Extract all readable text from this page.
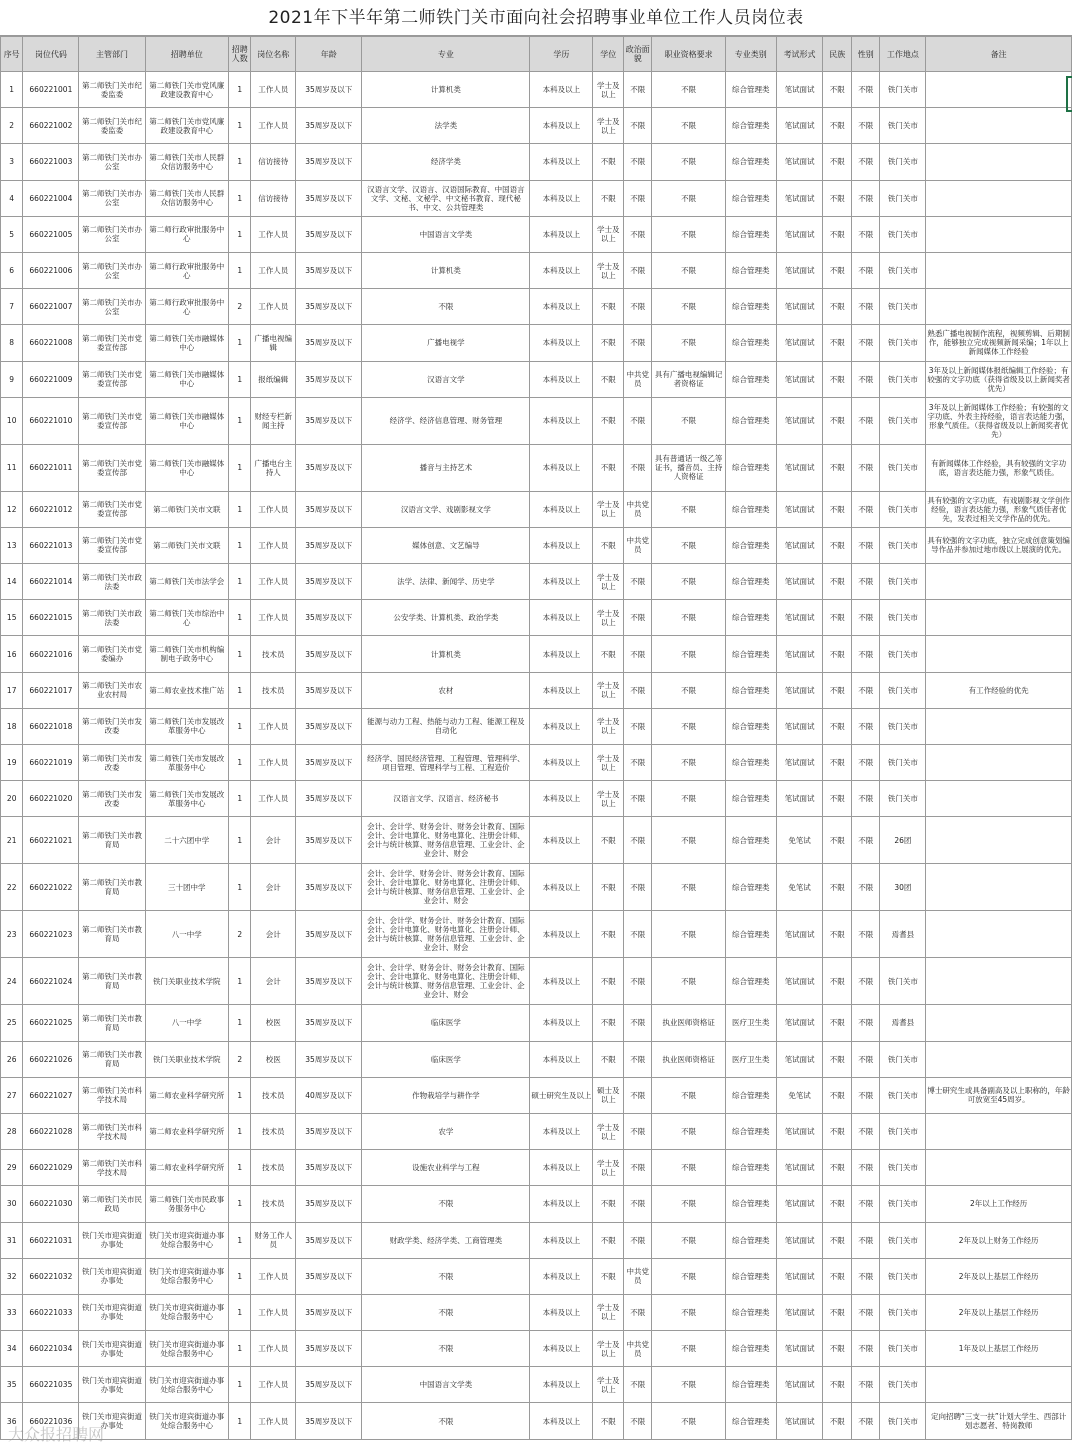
2021年下半年第二师铁门关市面向社会招聘事业单位工作人员岗位表
序号	岗位代码	主管部门	招聘单位	招聘人数	岗位名称	年龄	专业	学历	学位	政治面貌	职业资格要求	专业类别	考试形式	民族	性别	工作地点	备注
1	660221001	第二师铁门关市纪委监委	第二师铁门关市党风廉政建设教育中心	1	工作人员	35周岁及以下	计算机类	本科及以上	学士及以上	不限	不限	综合管理类	笔试面试	不限	不限	铁门关市	
2	660221002	第二师铁门关市纪委监委	第二师铁门关市党风廉政建设教育中心	1	工作人员	35周岁及以下	法学类	本科及以上	学士及以上	不限	不限	综合管理类	笔试面试	不限	不限	铁门关市	
3	660221003	第二师铁门关市办公室	第二师铁门关市人民群众信访服务中心	1	信访接待	35周岁及以下	经济学类	本科及以上	不限	不限	不限	综合管理类	笔试面试	不限	不限	铁门关市	
4	660221004	第二师铁门关市办公室	第二师铁门关市人民群众信访服务中心	1	信访接待	35周岁及以下	汉语言文学、汉语言、汉语国际教育、中国语言文学、文秘、文秘学、中文秘书教育、现代秘书、中文、公共管理类	本科及以上	不限	不限	不限	综合管理类	笔试面试	不限	不限	铁门关市	
5	660221005	第二师铁门关市办公室	第二师行政审批服务中心	1	工作人员	35周岁及以下	中国语言文学类	本科及以上	学士及以上	不限	不限	综合管理类	笔试面试	不限	不限	铁门关市	
6	660221006	第二师铁门关市办公室	第二师行政审批服务中心	1	工作人员	35周岁及以下	计算机类	本科及以上	学士及以上	不限	不限	综合管理类	笔试面试	不限	不限	铁门关市	
7	660221007	第二师铁门关市办公室	第二师行政审批服务中心	2	工作人员	35周岁及以下	不限	本科及以上	不限	不限	不限	综合管理类	笔试面试	不限	不限	铁门关市	
8	660221008	第二师铁门关市党委宣传部	第二师铁门关市融媒体中心	1	广播电视编辑	35周岁及以下	广播电视学	本科及以上	不限	不限	不限	综合管理类	笔试面试	不限	不限	铁门关市	熟悉广播电视制作流程，视频剪辑、后期制作，能够独立完成视频新闻采编；1年以上新闻媒体工作经验
9	660221009	第二师铁门关市党委宣传部	第二师铁门关市融媒体中心	1	报纸编辑	35周岁及以下	汉语言文学	本科及以上	不限	中共党员	具有广播电视编辑记者资格证	综合管理类	笔试面试	不限	不限	铁门关市	3年及以上新闻媒体报纸编辑工作经验；有较强的文字功底（获得省级及以上新闻奖者优先）
10	660221010	第二师铁门关市党委宣传部	第二师铁门关市融媒体中心	1	财经专栏新闻主持	35周岁及以下	经济学、经济信息管理、财务管理	本科及以上	不限	不限	不限	综合管理类	笔试面试	不限	不限	铁门关市	3年及以上新闻媒体工作经验；有较强的文字功底、外表主持经验，语言表达能力强，形象气质佳。（获得省级及以上新闻奖者优先）
11	660221011	第二师铁门关市党委宣传部	第二师铁门关市融媒体中心	1	广播电台主持人	35周岁及以下	播音与主持艺术	本科及以上	不限	不限	具有普通话一级乙等证书，播音员、主持人资格证	综合管理类	笔试面试	不限	不限	铁门关市	有新闻媒体工作经验，具有较强的文字功底，语言表达能力强，形象气质佳。
12	660221012	第二师铁门关市党委宣传部	第二师铁门关市文联	1	工作人员	35周岁及以下	汉语言文学、戏剧影视文学	本科及以上	学士及以上	中共党员	不限	综合管理类	笔试面试	不限	不限	铁门关市	具有较强的文字功底，有戏剧影视文学创作经验，语言表达能力强，形象气质佳者优先，发表过相关文学作品的优先。
13	660221013	第二师铁门关市党委宣传部	第二师铁门关市文联	1	工作人员	35周岁及以下	媒体创意、文艺编导	本科及以上	不限	中共党员	不限	综合管理类	笔试面试	不限	不限	铁门关市	具有较强的文字功底，独立完成创意策划编导作品并参加过地市级以上展演的优先。
14	660221014	第二师铁门关市政法委	第二师铁门关市法学会	1	工作人员	35周岁及以下	法学、法律、新闻学、历史学	本科及以上	学士及以上	不限	不限	综合管理类	笔试面试	不限	不限	铁门关市	
15	660221015	第二师铁门关市政法委	第二师铁门关市综治中心	1	工作人员	35周岁及以下	公安学类、计算机类、政治学类	本科及以上	学士及以上	不限	不限	综合管理类	笔试面试	不限	不限	铁门关市	
16	660221016	第二师铁门关市党委编办	第二师铁门关市机构编制电子政务中心	1	技术员	35周岁及以下	计算机类	本科及以上	不限	不限	不限	综合管理类	笔试面试	不限	不限	铁门关市	
17	660221017	第二师铁门关市农业农村局	第二师农业技术推广站	1	技术员	35周岁及以下	农材	本科及以上	学士及以上	不限	不限	综合管理类	笔试面试	不限	不限	铁门关市	有工作经验的优先
18	660221018	第二师铁门关市发改委	第二师铁门关市发展改革服务中心	1	工作人员	35周岁及以下	能源与动力工程、热能与动力工程、能源工程及自动化	本科及以上	学士及以上	不限	不限	综合管理类	笔试面试	不限	不限	铁门关市	
19	660221019	第二师铁门关市发改委	第二师铁门关市发展改革服务中心	1	工作人员	35周岁及以下	经济学、国民经济管理、工程管理、管理科学、项目管理、管理科学与工程、工程造价	本科及以上	学士及以上	不限	不限	综合管理类	笔试面试	不限	不限	铁门关市	
20	660221020	第二师铁门关市发改委	第二师铁门关市发展改革服务中心	1	工作人员	35周岁及以下	汉语言文学、汉语言、经济秘书	本科及以上	学士及以上	不限	不限	综合管理类	笔试面试	不限	不限	铁门关市	
21	660221021	第二师铁门关市教育局	二十六团中学	1	会计	35周岁及以下	会计、会计学、财务会计、财务会计教育、国际会计、会计电算化、财务电算化、注册会计师、会计与统计核算、财务信息管理、工业会计、企业会计、财会	本科及以上	不限	不限	不限	综合管理类	免笔试	不限	不限	26团	
22	660221022	第二师铁门关市教育局	三十团中学	1	会计	35周岁及以下	会计、会计学、财务会计、财务会计教育、国际会计、会计电算化、财务电算化、注册会计师、会计与统计核算、财务信息管理、工业会计、企业会计、财会	本科及以上	不限	不限	不限	综合管理类	免笔试	不限	不限	30团	
23	660221023	第二师铁门关市教育局	八一中学	2	会计	35周岁及以下	会计、会计学、财务会计、财务会计教育、国际会计、会计电算化、财务电算化、注册会计师、会计与统计核算、财务信息管理、工业会计、企业会计、财会	本科及以上	不限	不限	不限	综合管理类	笔试面试	不限	不限	焉耆县	
24	660221024	第二师铁门关市教育局	铁门关职业技术学院	1	会计	35周岁及以下	会计、会计学、财务会计、财务会计教育、国际会计、会计电算化、财务电算化、注册会计师、会计与统计核算、财务信息管理、工业会计、企业会计、财会	本科及以上	不限	不限	不限	综合管理类	笔试面试	不限	不限	铁门关市	
25	660221025	第二师铁门关市教育局	八一中学	1	校医	35周岁及以下	临床医学	本科及以上	不限	不限	执业医师资格证	医疗卫生类	笔试面试	不限	不限	焉耆县	
26	660221026	第二师铁门关市教育局	铁门关职业技术学院	2	校医	35周岁及以下	临床医学	本科及以上	不限	不限	执业医师资格证	医疗卫生类	笔试面试	不限	不限	铁门关市	
27	660221027	第二师铁门关市科学技术局	第二师农业科学研究所	1	技术员	40周岁及以下	作物栽培学与耕作学	硕士研究生及以上	硕士及以上	不限	不限	综合管理类	免笔试	不限	不限	铁门关市	博士研究生或具备副高及以上职称的，年龄可放宽至45周岁。
28	660221028	第二师铁门关市科学技术局	第二师农业科学研究所	1	技术员	35周岁及以下	农学	本科及以上	学士及以上	不限	不限	综合管理类	笔试面试	不限	不限	铁门关市	
29	660221029	第二师铁门关市科学技术局	第二师农业科学研究所	1	技术员	35周岁及以下	设施农业科学与工程	本科及以上	学士及以上	不限	不限	综合管理类	笔试面试	不限	不限	铁门关市	
30	660221030	第二师铁门关市民政局	第二师铁门关市民政事务服务中心	1	技术员	35周岁及以下	不限	本科及以上	不限	不限	不限	综合管理类	笔试面试	不限	不限	铁门关市	2年以上工作经历
31	660221031	铁门关市迎宾街道办事处	铁门关市迎宾街道办事处综合服务中心	1	财务工作人员	35周岁及以下	财政学类、经济学类、工商管理类	本科及以上	不限	不限	不限	综合管理类	笔试面试	不限	不限	铁门关市	2年及以上财务工作经历
32	660221032	铁门关市迎宾街道办事处	铁门关市迎宾街道办事处综合服务中心	1	工作人员	35周岁及以下	不限	本科及以上	不限	中共党员	不限	综合管理类	笔试面试	不限	不限	铁门关市	2年及以上基层工作经历
33	660221033	铁门关市迎宾街道办事处	铁门关市迎宾街道办事处综合服务中心	1	工作人员	35周岁及以下	不限	本科及以上	学士及以上	不限	不限	综合管理类	笔试面试	不限	不限	铁门关市	2年及以上基层工作经历
34	660221034	铁门关市迎宾街道办事处	铁门关市迎宾街道办事处综合服务中心	1	工作人员	35周岁及以下	不限	本科及以上	学士及以上	中共党员	不限	综合管理类	笔试面试	不限	不限	铁门关市	1年及以上基层工作经历
35	660221035	铁门关市迎宾街道办事处	铁门关市迎宾街道办事处综合服务中心	1	工作人员	35周岁及以下	中国语言文学类	本科及以上	学士及以上	不限	不限	综合管理类	笔试面试	不限	不限	铁门关市	
36	660221036	铁门关市迎宾街道办事处	铁门关市迎宾街道办事处综合服务中心	1	工作人员	35周岁及以下	不限	本科及以上	不限	不限	不限	综合管理类	笔试面试	不限	不限	铁门关市	定向招聘“三支一扶”计划大学生、西部计划志愿者、特岗教师
大众报招聘网
